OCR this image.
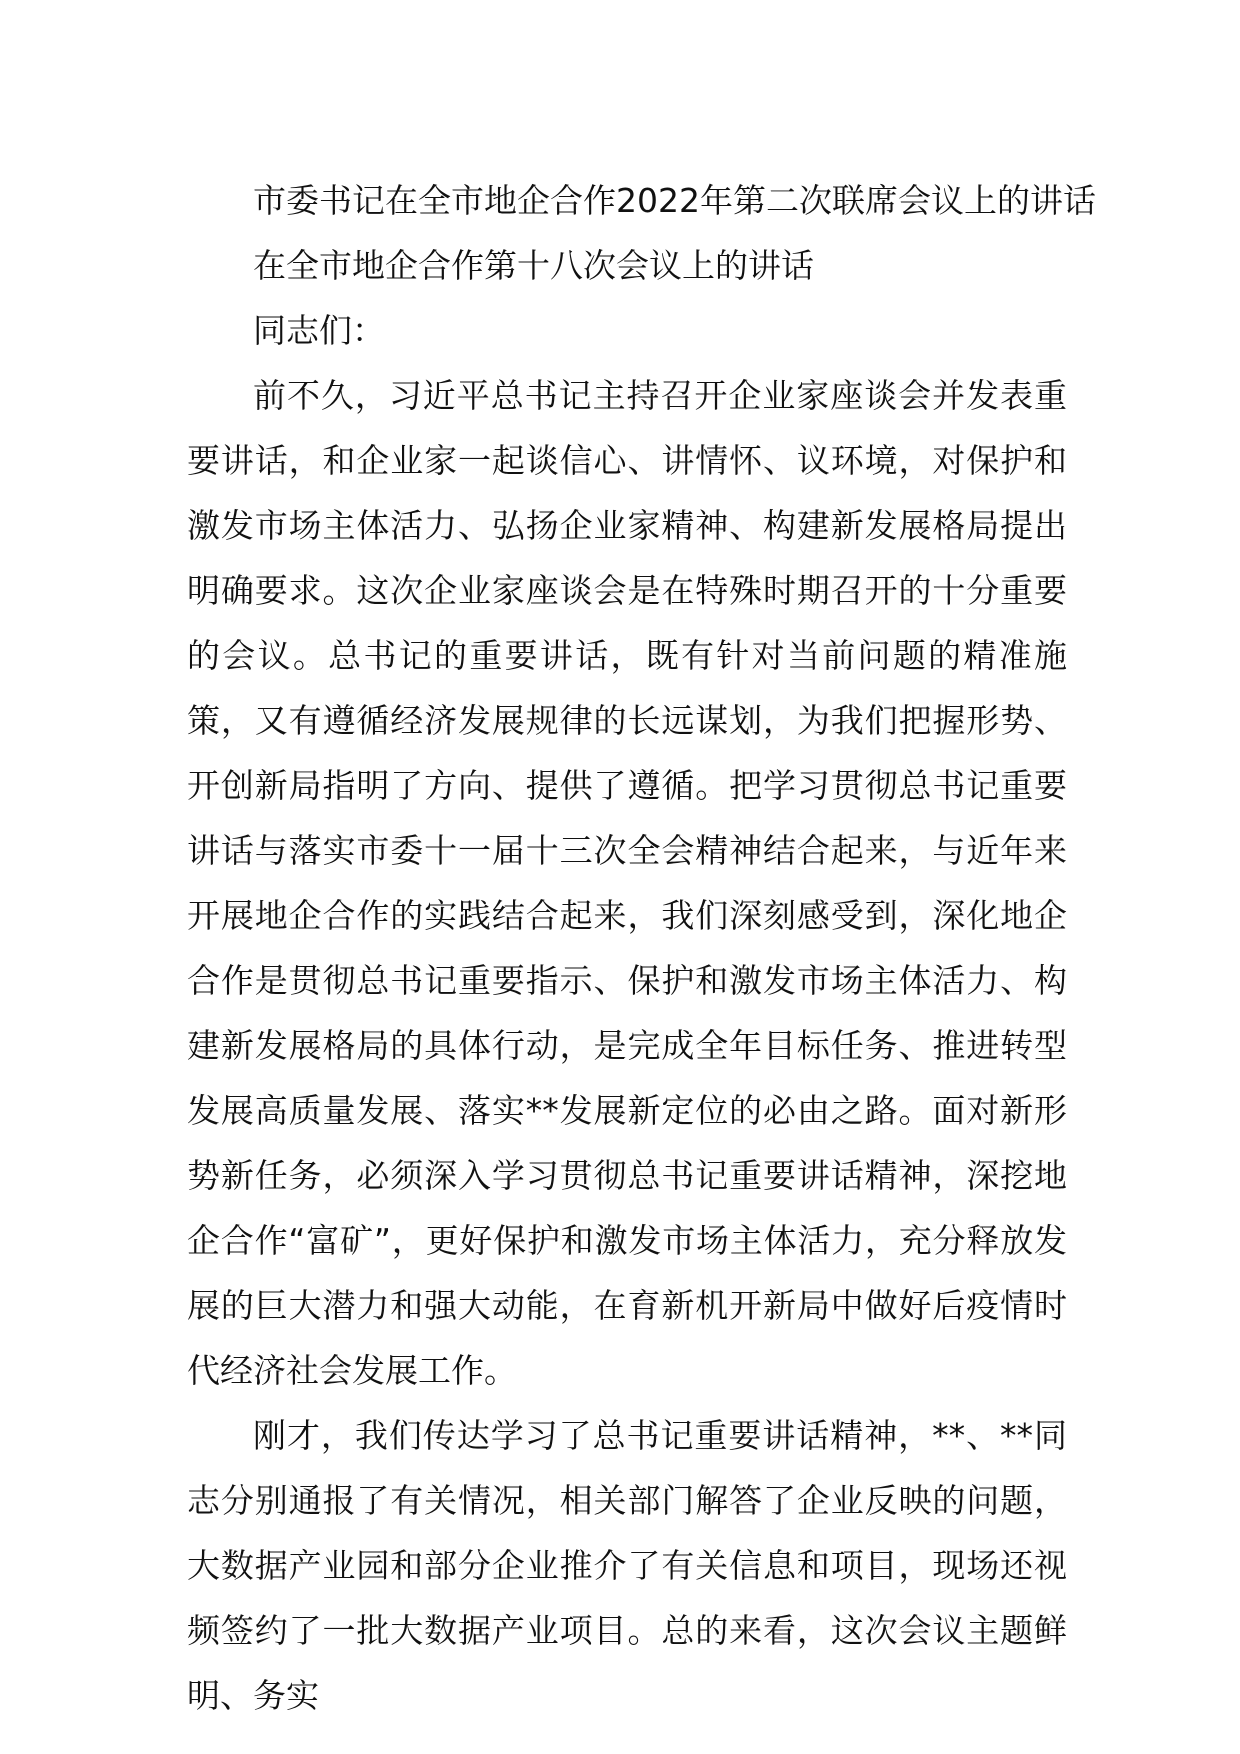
市委书记在全市地企合作2022年第二次联席会议上的讲话

在全市地企合作第十八次会议上的讲话

同志们：

前不久，习近平总书记主持召开企业家座谈会并发表重要讲话，和企业家一起谈信心、讲情怀、议环境，对保护和激发市场主体活力、弘扬企业家精神、构建新发展格局提出明确要求。这次企业家座谈会是在特殊时期召开的十分重要的会议。总书记的重要讲话，既有针对当前问题的精准施策，又有遵循经济发展规律的长远谋划，为我们把握形势、开创新局指明了方向、提供了遵循。把学习贯彻总书记重要讲话与落实市委十一届十三次全会精神结合起来，与近年来开展地企合作的实践结合起来，我们深刻感受到，深化地企合作是贯彻总书记重要指示、保护和激发市场主体活力、构建新发展格局的具体行动，是完成全年目标任务、推进转型发展高质量发展、落实**发展新定位的必由之路。面对新形势新任务，必须深入学习贯彻总书记重要讲话精神，深挖地企合作“富矿”，更好保护和激发市场主体活力，充分释放发展的巨大潜力和强大动能，在育新机开新局中做好后疫情时代经济社会发展工作。

刚才，我们传达学习了总书记重要讲话精神，**、**同志分别通报了有关情况，相关部门解答了企业反映的问题，大数据产业园和部分企业推介了有关信息和项目，现场还视频签约了一批大数据产业项目。总的来看，这次会议主题鲜明、务实
